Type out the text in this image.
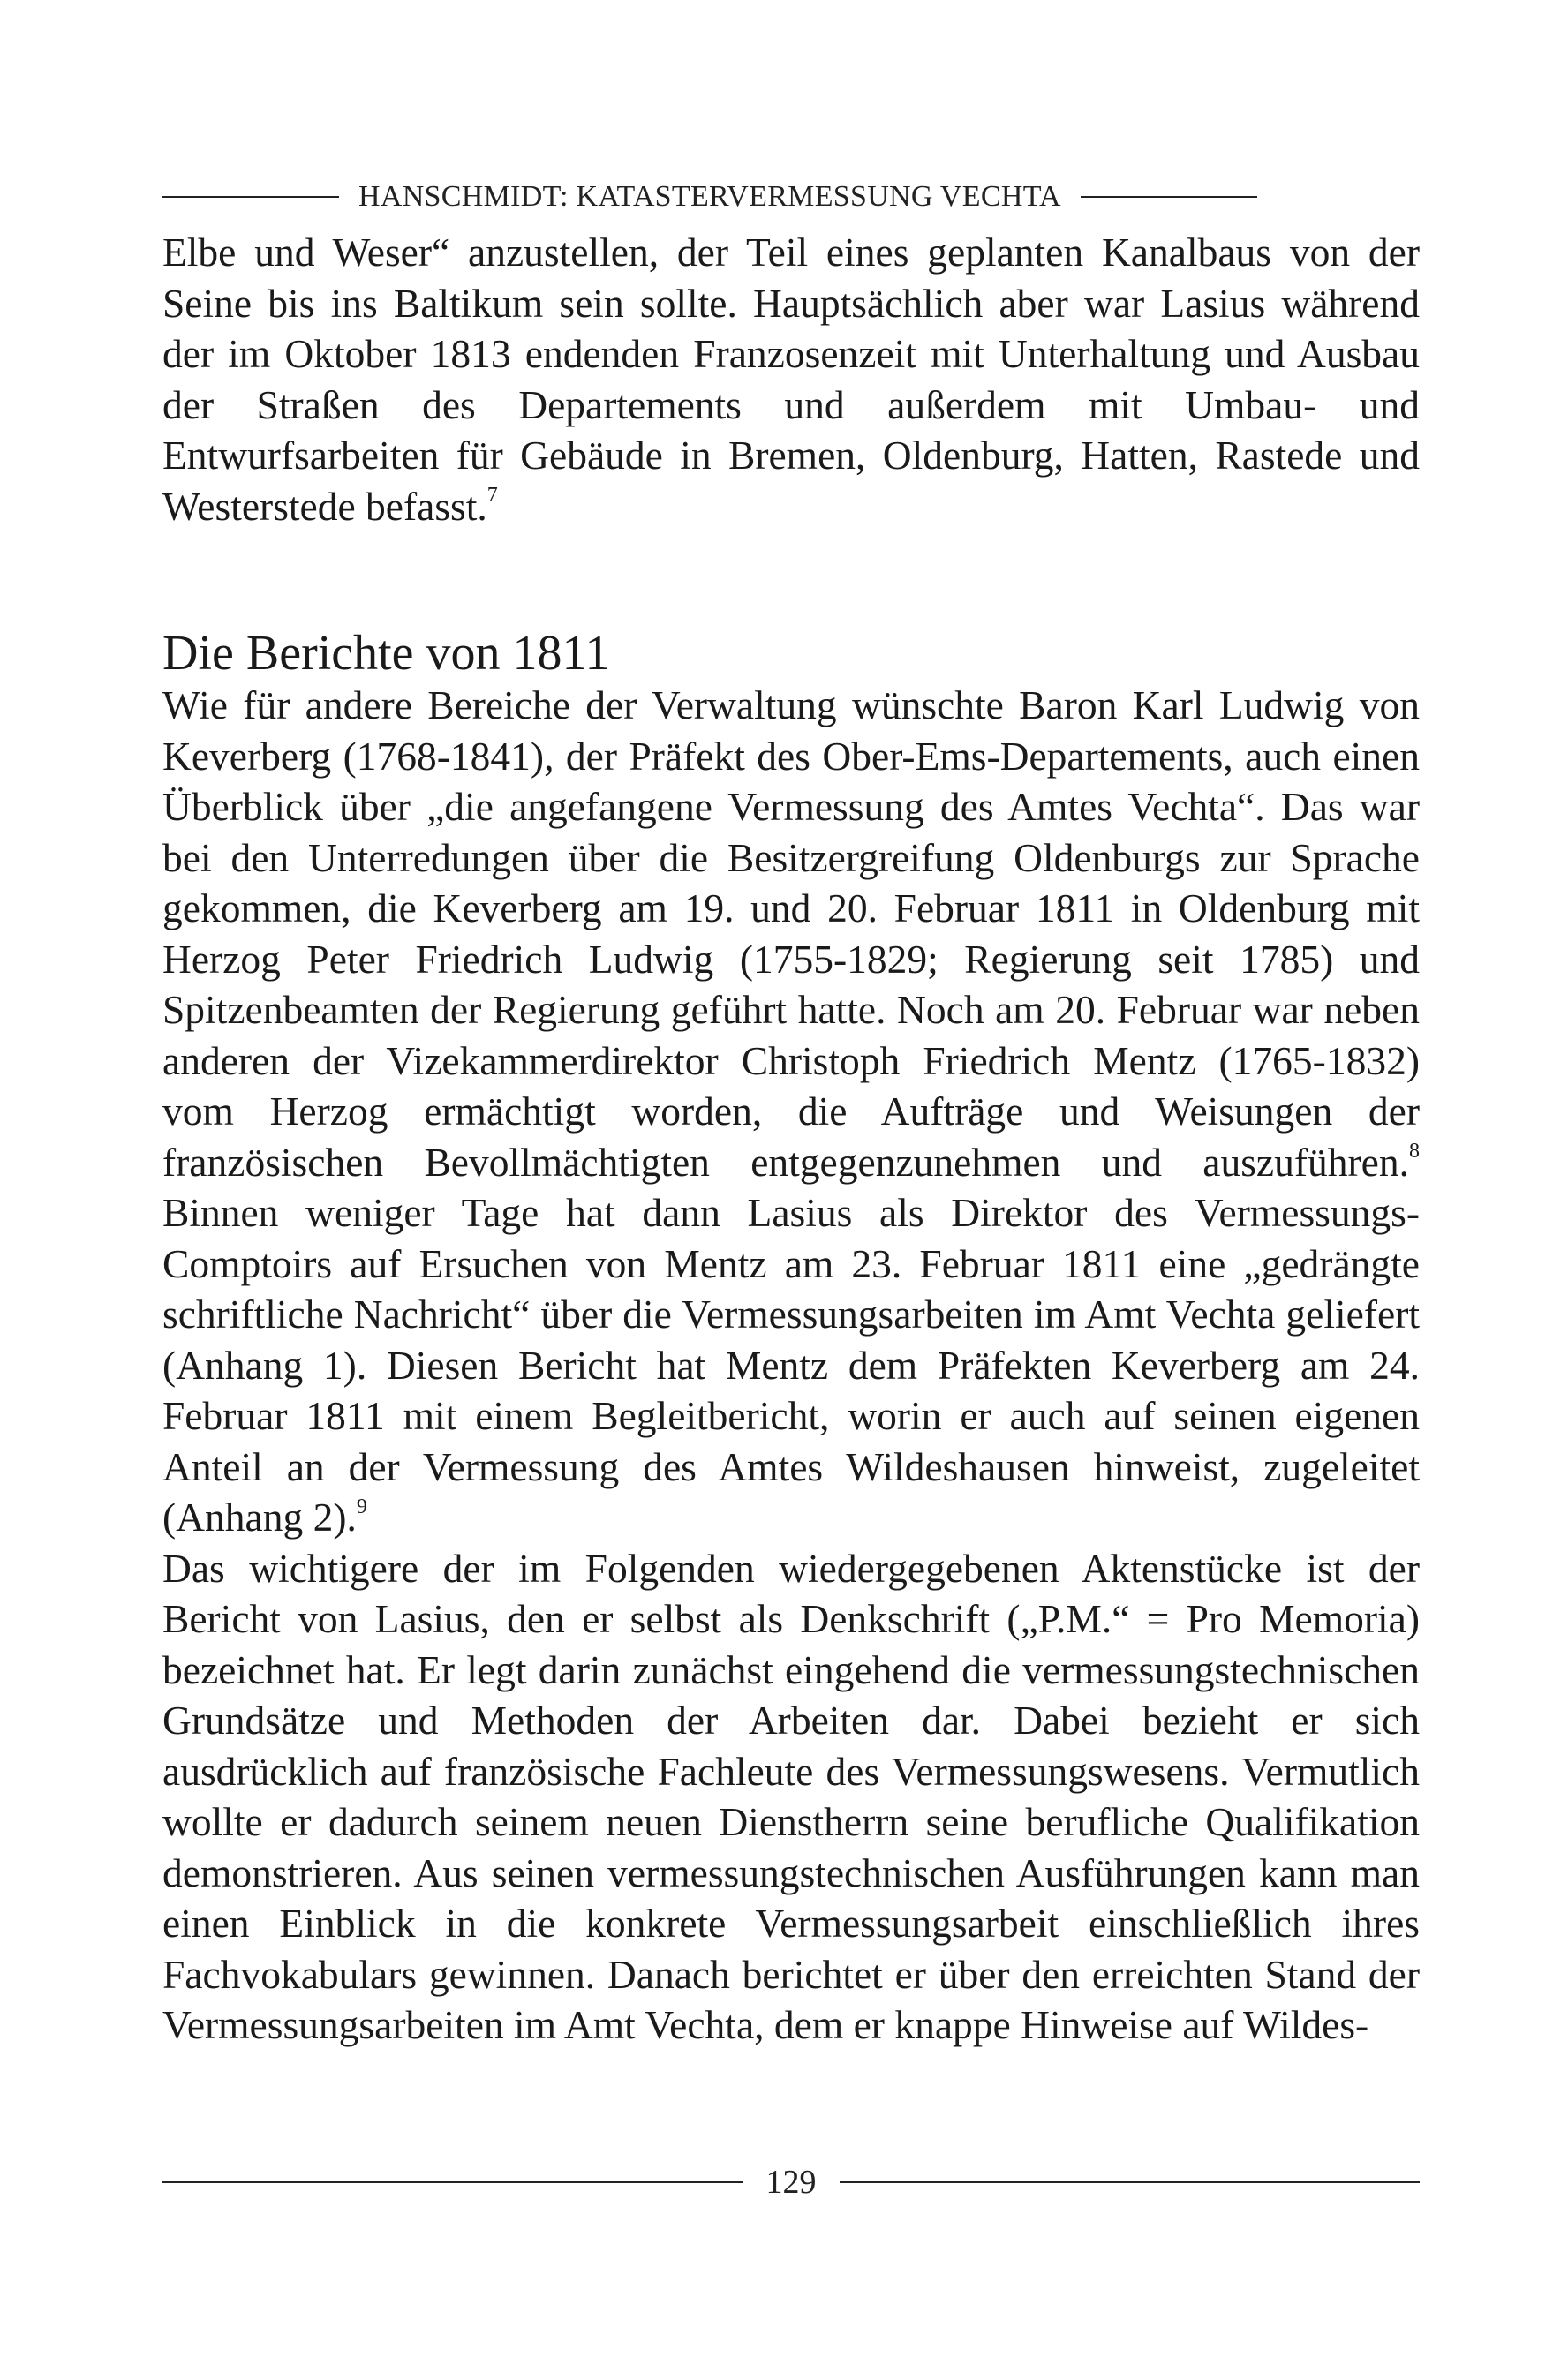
HANSCHMIDT: KATASTERVERMESSUNG VECHTA

Elbe und Weser“ anzustellen, der Teil eines geplanten Kanalbaus von der Seine bis ins Baltikum sein sollte. Hauptsächlich aber war Lasius während der im Oktober 1813 endenden Franzosenzeit mit Unterhaltung und Ausbau der Straßen des Departements und außerdem mit Umbau- und Entwurfsarbeiten für Gebäude in Bremen, Oldenburg, Hatten, Rastede und Westerstede befasst.$^7$

Die Berichte von 1811

Wie für andere Bereiche der Verwaltung wünschte Baron Karl Ludwig von Keverberg (1768-1841), der Präfekt des Ober-Ems-Departements, auch einen Überblick über „die angefangene Vermessung des Amtes Vechta“. Das war bei den Unterredungen über die Besitzergreifung Oldenburgs zur Sprache gekommen, die Keverberg am 19. und 20. Februar 1811 in Oldenburg mit Herzog Peter Friedrich Ludwig (1755-1829; Regierung seit 1785) und Spitzenbeamten der Regierung geführt hatte. Noch am 20. Februar war neben anderen der Vizekammerdirektor Christoph Friedrich Mentz (1765-1832) vom Herzog ermächtigt worden, die Aufträge und Weisungen der französischen Bevollmächtigten entgegenzunehmen und auszuführen.$^8$ Binnen weniger Tage hat dann Lasius als Direktor des Vermessungs-Comptoirs auf Ersuchen von Mentz am 23. Februar 1811 eine „gedrängte schriftliche Nachricht“ über die Vermessungsarbeiten im Amt Vechta geliefert (Anhang 1). Diesen Bericht hat Mentz dem Präfekten Keverberg am 24. Februar 1811 mit einem Begleitbericht, worin er auch auf seinen eigenen Anteil an der Vermessung des Amtes Wildeshausen hinweist, zugeleitet (Anhang 2).$^9$

Das wichtigere der im Folgenden wiedergegebenen Aktenstücke ist der Bericht von Lasius, den er selbst als Denkschrift („P.M.“ = Pro Memoria) bezeichnet hat. Er legt darin zunächst eingehend die vermessungstechnischen Grundsätze und Methoden der Arbeiten dar. Dabei bezieht er sich ausdrücklich auf französische Fachleute des Vermessungswesens. Vermutlich wollte er dadurch seinem neuen Dienstherrn seine berufliche Qualifikation demonstrieren. Aus seinen vermessungstechnischen Ausführungen kann man einen Einblick in die konkrete Vermessungsarbeit einschließlich ihres Fachvokabulars gewinnen. Danach berichtet er über den erreichten Stand der Vermessungsarbeiten im Amt Vechta, dem er knappe Hinweise auf Wildes-

129
